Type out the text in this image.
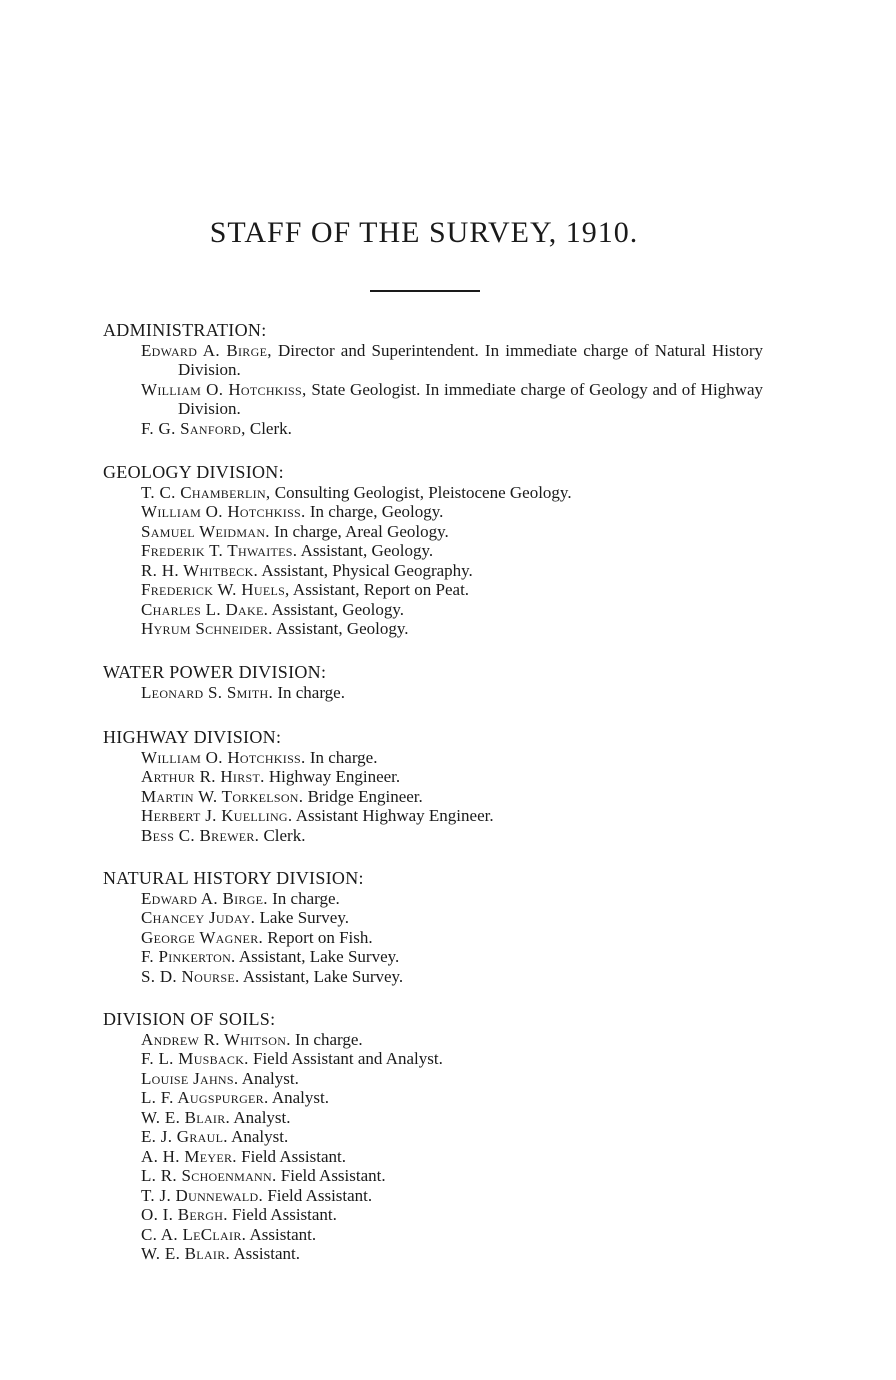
STAFF OF THE SURVEY, 1910.
ADMINISTRATION:
Edward A. Birge, Director and Superintendent. In immediate charge of Natural History Division.
William O. Hotchkiss, State Geologist. In immediate charge of Geology and of Highway Division.
F. G. Sanford, Clerk.
GEOLOGY DIVISION:
T. C. Chamberlin, Consulting Geologist, Pleistocene Geology.
William O. Hotchkiss. In charge, Geology.
Samuel Weidman. In charge, Areal Geology.
Frederik T. Thwaites. Assistant, Geology.
R. H. Whitbeck. Assistant, Physical Geography.
Frederick W. Huels, Assistant, Report on Peat.
Charles L. Dake. Assistant, Geology.
Hyrum Schneider. Assistant, Geology.
WATER POWER DIVISION:
Leonard S. Smith. In charge.
HIGHWAY DIVISION:
William O. Hotchkiss. In charge.
Arthur R. Hirst. Highway Engineer.
Martin W. Torkelson. Bridge Engineer.
Herbert J. Kuelling. Assistant Highway Engineer.
Bess C. Brewer. Clerk.
NATURAL HISTORY DIVISION:
Edward A. Birge. In charge.
Chancey Juday. Lake Survey.
George Wagner. Report on Fish.
F. Pinkerton. Assistant, Lake Survey.
S. D. Nourse. Assistant, Lake Survey.
DIVISION OF SOILS:
Andrew R. Whitson. In charge.
F. L. Musback. Field Assistant and Analyst.
Louise Jahns. Analyst.
L. F. Augspurger. Analyst.
W. E. Blair. Analyst.
E. J. Graul. Analyst.
A. H. Meyer. Field Assistant.
L. R. Schoenmann. Field Assistant.
T. J. Dunnewald. Field Assistant.
O. I. Bergh. Field Assistant.
C. A. LeClair. Assistant.
W. E. Blair. Assistant.
